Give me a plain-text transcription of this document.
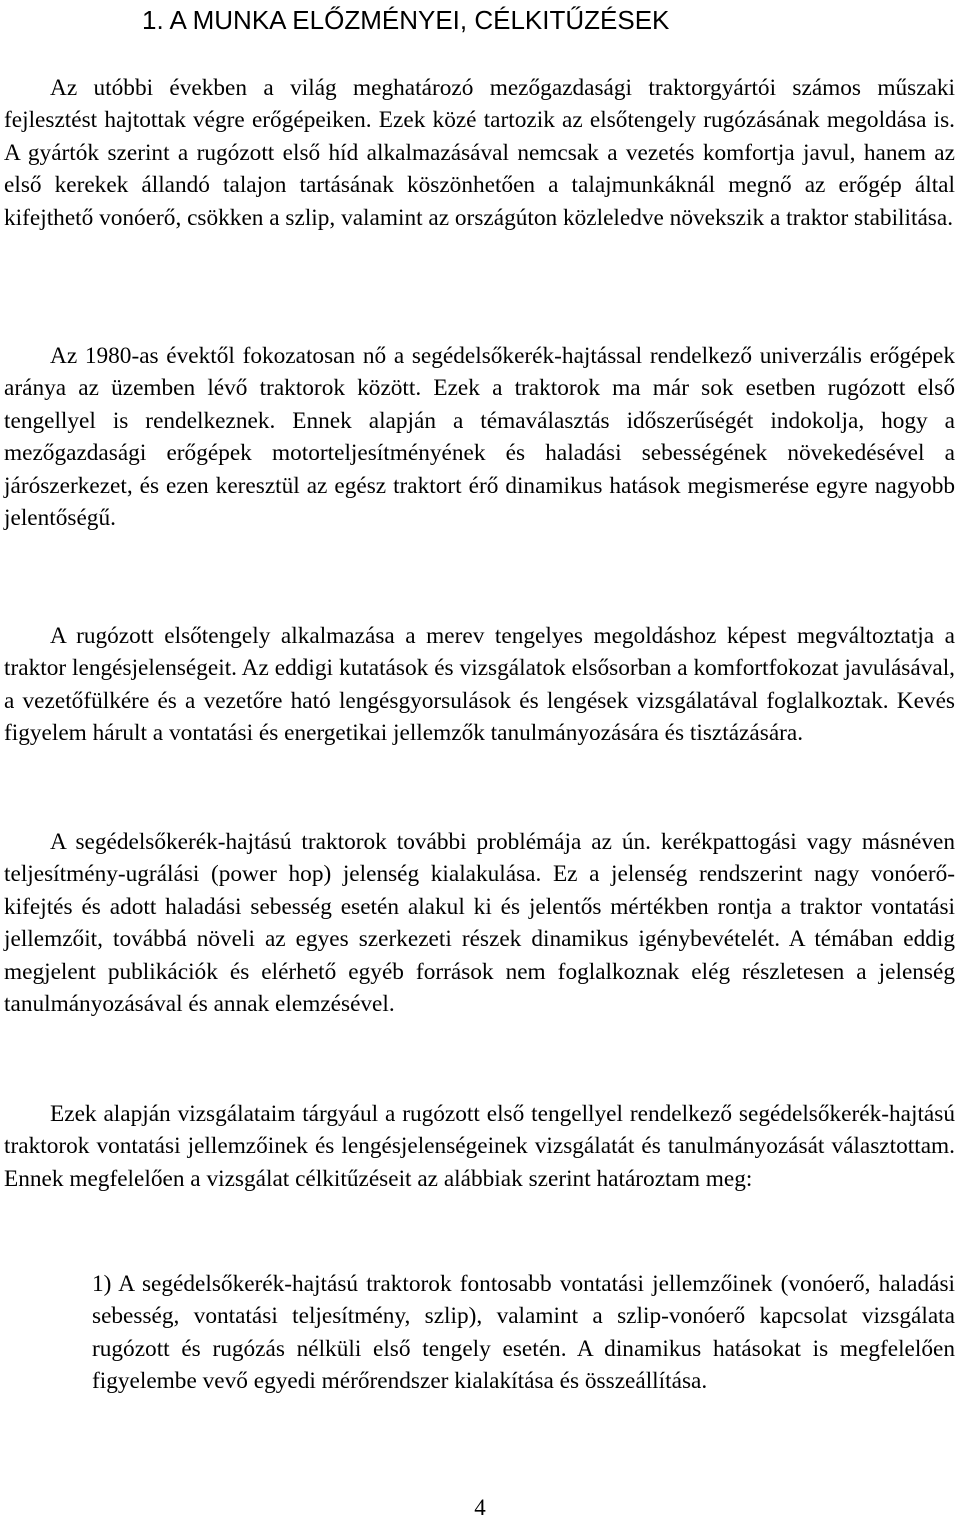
1. A MUNKA ELŐZMÉNYEI, CÉLKITŰZÉSEK

Az utóbbi években a világ meghatározó mezőgazdasági traktorgyártói számos műszaki fejlesztést hajtottak végre erőgépeiken. Ezek közé tartozik az elsőtengely rugózásának megoldása is. A gyártók szerint a rugózott első híd alkalmazásával nemcsak a vezetés komfortja javul, hanem az első kerekek állandó talajon tartásának köszönhetően a talajmunkáknál megnő az erőgép által kifejthető vonóerő, csökken a szlip, valamint az országúton közleledve növekszik a traktor stabilitása.

Az 1980-as évektől fokozatosan nő a segédelsőkerék-hajtással rendelkező univerzális erőgépek aránya az üzemben lévő traktorok között. Ezek a traktorok ma már sok esetben rugózott első tengellyel is rendelkeznek. Ennek alapján a témaválasztás időszerűségét indokolja, hogy a mezőgazdasági erőgépek motorteljesítményének és haladási sebességének növekedésével a járószerkezet, és ezen keresztül az egész traktort érő dinamikus hatások megismerése egyre nagyobb jelentőségű.

A rugózott elsőtengely alkalmazása a merev tengelyes megoldáshoz képest megváltoztatja a traktor lengésjelenségeit. Az eddigi kutatások és vizsgálatok elsősorban a komfortfokozat javulásával, a vezetőfülkére és a vezetőre ható lengésgyorsulások és lengések vizsgálatával foglalkoztak. Kevés figyelem hárult a vontatási és energetikai jellemzők tanulmányozására és tisztázására.

A segédelsőkerék-hajtású traktorok további problémája az ún. kerékpattogási vagy másnéven teljesítmény-ugrálási (power hop) jelenség kialakulása. Ez a jelenség rendszerint nagy vonóerő-kifejtés és adott haladási sebesség esetén alakul ki és jelentős mértékben rontja a traktor vontatási jellemzőit, továbbá növeli az egyes szerkezeti részek dinamikus igénybevételét. A témában eddig megjelent publikációk és elérhető egyéb források nem foglalkoznak elég részletesen a jelenség tanulmányozásával és annak elemzésével.

Ezek alapján vizsgálataim tárgyául a rugózott első tengellyel rendelkező segédelsőkerék-hajtású traktorok vontatási jellemzőinek és lengésjelenségeinek vizsgálatát és tanulmányozását választottam. Ennek megfelelően a vizsgálat célkitűzéseit az alábbiak szerint határoztam meg:

1) A segédelsőkerék-hajtású traktorok fontosabb vontatási jellemzőinek (vonóerő, haladási sebesség, vontatási teljesítmény, szlip), valamint a szlip-vonóerő kapcsolat vizsgálata rugózott és rugózás nélküli első tengely esetén. A dinamikus hatásokat is megfelelően figyelembe vevő egyedi mérőrendszer kialakítása és összeállítása.

4
